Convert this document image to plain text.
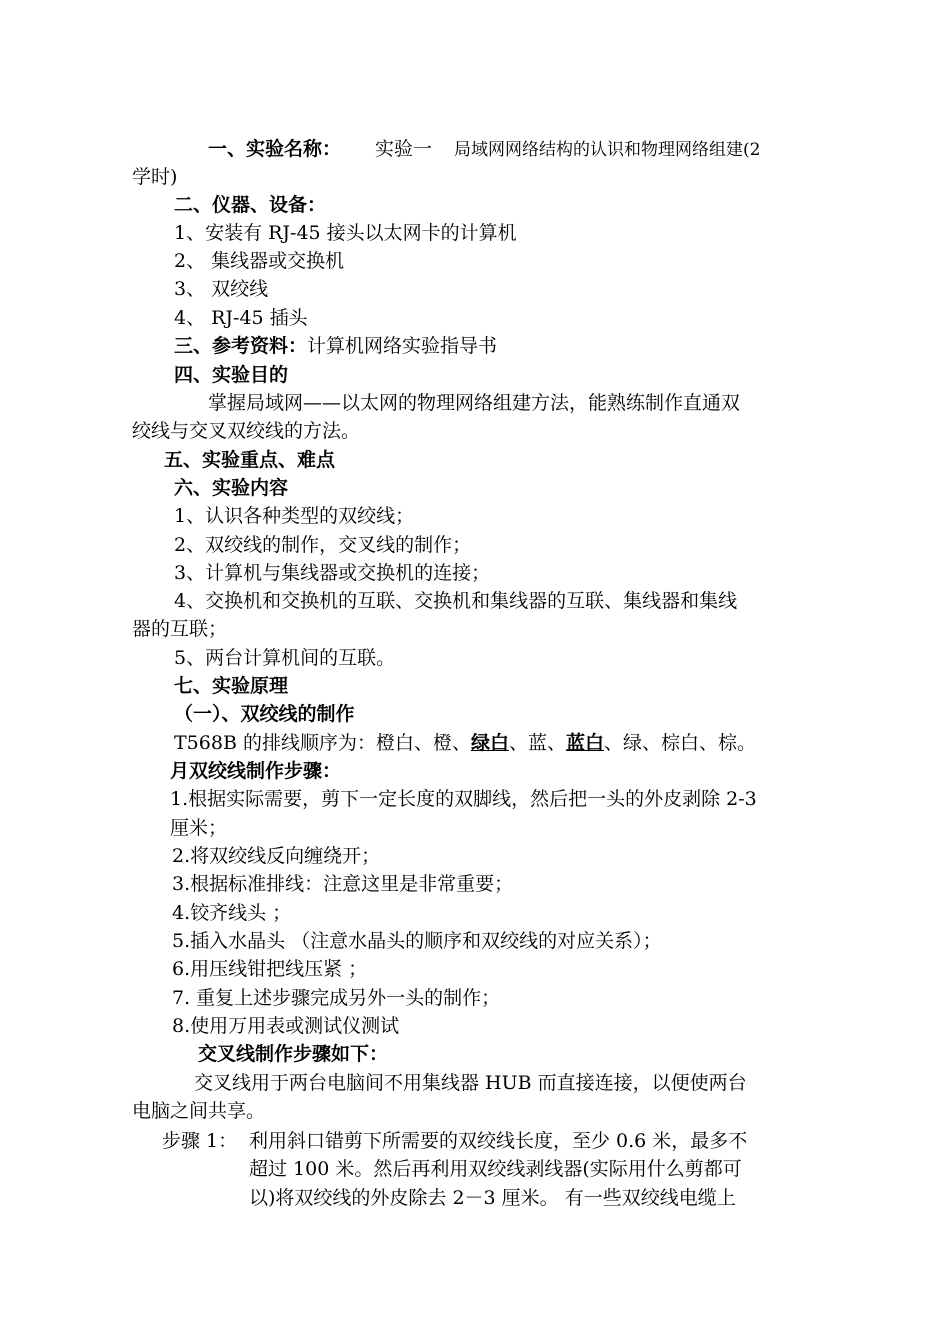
一、实验名称： 实验一 局域网网络结构的认识和物理网络组建(2
学时)
二、仪器、设备：
1、安装有 RJ-45 接头以太网卡的计算机
2、 集线器或交换机
3、 双绞线
4、 RJ-45 插头
三、参考资料：计算机网络实验指导书
四、实验目的
掌握局域网——以太网的物理网络组建方法，能熟练制作直通双
绞线与交叉双绞线的方法。
五、实验重点、难点
六、实验内容
1、认识各种类型的双绞线；
2、双绞线的制作，交叉线的制作；
3、计算机与集线器或交换机的连接；
4、交换机和交换机的互联、交换机和集线器的互联、集线器和集线
器的互联；
5、两台计算机间的互联。
七、实验原理
（一）、双绞线的制作
T568B 的排线顺序为：橙白、橙、绿白、蓝、蓝白、绿、棕白、棕。
月双绞线制作步骤：
1.根据实际需要，剪下一定长度的双脚线，然后把一头的外皮剥除 2-3
厘米；
2.将双绞线反向缠绕开；
3.根据标准排线：注意这里是非常重要；
4.铰齐线头 ；
5.插入水晶头 （注意水晶头的顺序和双绞线的对应关系）；
6.用压线钳把线压紧 ；
7. 重复上述步骤完成另外一头的制作；
8.使用万用表或测试仪测试
交叉线制作步骤如下：
交叉线用于两台电脑间不用集线器 HUB 而直接连接，以便使两台
电脑之间共享。
步骤 1： 利用斜口错剪下所需要的双绞线长度，至少 0.6 米，最多不
超过 100 米。然后再利用双绞线剥线器(实际用什么剪都可
以)将双绞线的外皮除去 2－3 厘米。 有一些双绞线电缆上
